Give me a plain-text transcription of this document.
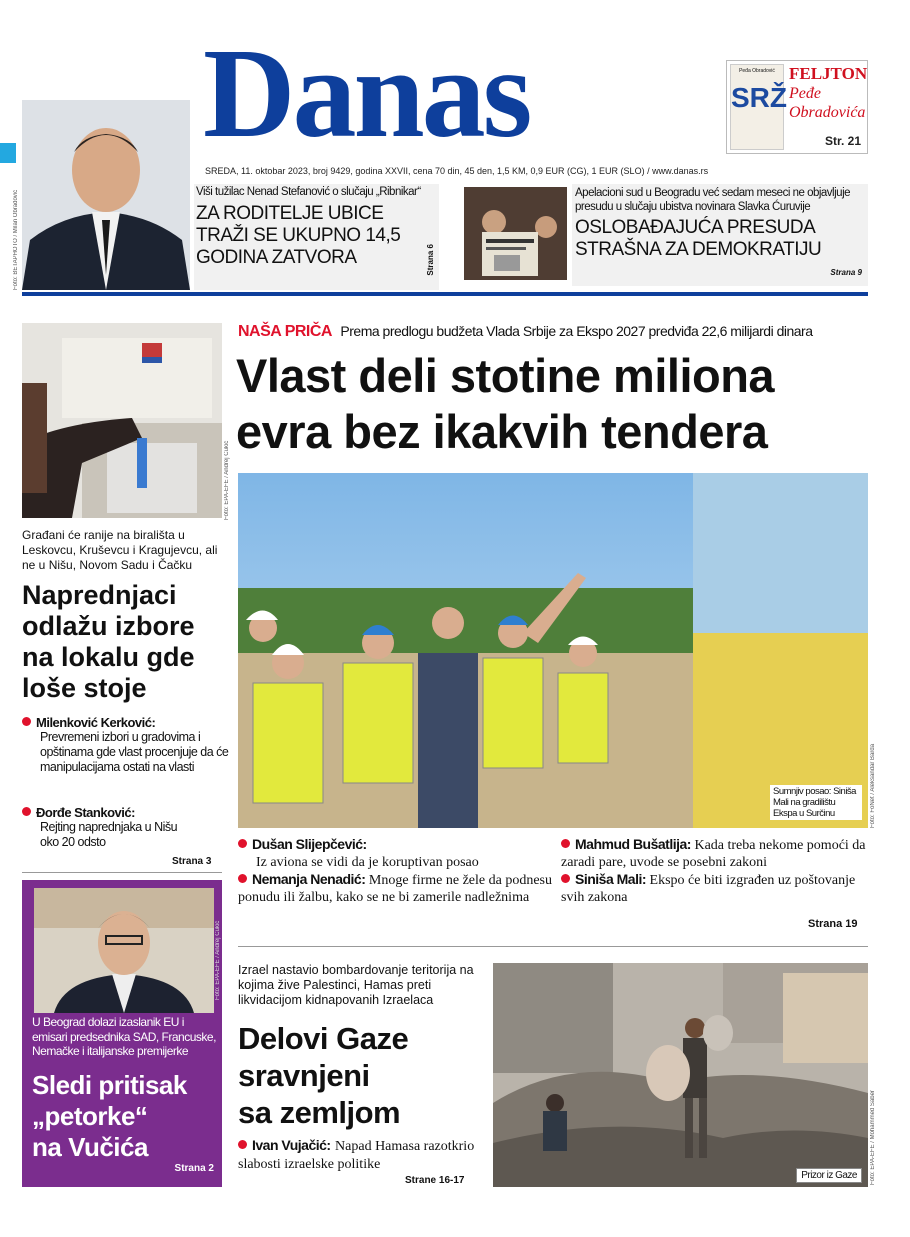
Danas
SREDA, 11. oktobar 2023, broj 9429, godina XXVII, cena 70 din, 45 den, 1,5 KM, 0,9 EUR (CG), 1 EUR (SLO) / www.danas.rs
Peđa Obradović
SRŽ
FELJTON
Peđe
Obradovića
Str. 21
Foto: BETAPHOTO / Milan Obradović	Viši tužilac Nenad Stefanović o slučaju „Ribnikar“
ZA RODITELJE UBICE TRAŽI SE UKUPNO 14,5 GODINA ZATVORA	Strana 6
Apelacioni sud u Beogradu već sedam meseci ne objavljuje presudu u slučaju ubistva novinara Slavka Ćuruvije
OSLOBAĐAJUĆA PRESUDA STRAŠNA ZA DEMOKRATIJU
Strana 9
Foto: EPA-EFE / Andrej Cukić
Građani će ranije na birališta u Leskovcu, Kruševcu i Kragujevcu, ali ne u Nišu, Novom Sadu i Čačku
Naprednjaci odlažu izbore na lokalu gde loše stoje
Milenković Kerković:
Prevremeni izbori u gradovima i opštinama gde vlast procenjuje da će manipulacijama ostati na vlasti
Đorđe Stanković:
Rejting naprednjaka u Nišu oko 20 odsto
Strana 3
Foto: EPA-EFE / Andrej Cukić
U Beograd dolazi izaslanik EU i emisari predsednika SAD, Francuske, Nemačke i italijanske premijerke
Sledi pritisak
„petorke“
na Vučića
Strana 2
NAŠA PRIČA Prema predlogu budžeta Vlada Srbije za Ekspo 2027 predviđa 22,6 milijardi dinara
Vlast deli stotine miliona
evra bez ikakvih tendera
Sumnjiv posao: Siniša Mali na gradilištu Ekspa u Surčinu	Foto: FoNet / Aleksandar Barda
Dušan Slijepčević:
Iz aviona se vidi da je koruptivan posao
Nemanja Nenadić: Mnoge firme ne žele da podnesu ponudu ili žalbu, kako se ne bi zamerile nadležnima
Mahmud Bušatlija: Kada treba nekome pomoći da zaradi pare, uvode se posebni zakoni
Siniša Mali: Ekspo će biti izgrađen uz poštovanje svih zakona
Strana 19
Izrael nastavio bombardovanje teritorija na kojima žive Palestinci, Hamas preti likvidacijom kidnapovanih Izraelaca
Delovi Gaze
sravnjeni
sa zemljom
Ivan Vujačić: Napad Hamasa razotkrio slabosti izraelske politike
Strane 16-17	Prizor iz Gaze	Foto: EPA-EFE / Mohammed Saber
